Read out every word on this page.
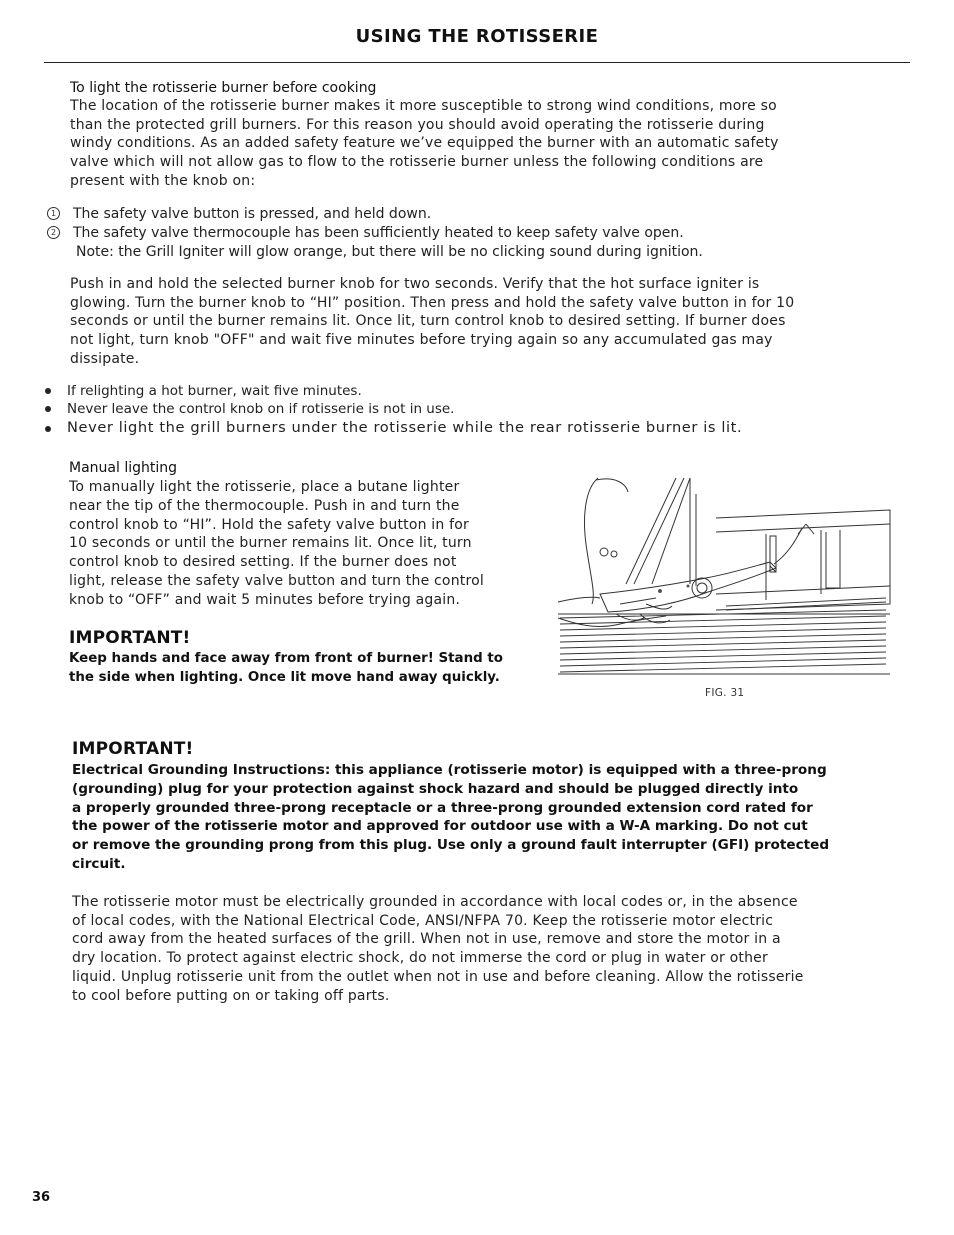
USING THE ROTISSERIE
To light the rotisserie burner before cooking
The location of the rotisserie burner makes it more susceptible to strong wind conditions, more so
than the protected grill burners. For this reason you should avoid operating the rotisserie during
windy conditions. As an added safety feature we’ve equipped the burner with an automatic safety
valve which will not allow gas to flow to the rotisserie burner unless the following conditions are
present with the knob on:
1 The safety valve button is pressed, and held down.
2 The safety valve thermocouple has been sufficiently heated to keep safety valve open.
Note: the Grill Igniter will glow orange, but there will be no clicking sound during ignition.
Push in and hold the selected burner knob for two seconds. Verify that the hot surface igniter is
glowing. Turn the burner knob to “HI” position. Then press and hold the safety valve button in for 10
seconds or until the burner remains lit. Once lit, turn control knob to desired setting. If burner does
not light, turn knob "OFF" and wait five minutes before trying again so any accumulated gas may
dissipate.
If relighting a hot burner, wait five minutes.
Never leave the control knob on if rotisserie is not in use.
Never light the grill burners under the rotisserie while the rear rotisserie burner is lit.
Manual lighting
To manually light the rotisserie, place a butane lighter
near the tip of the thermocouple. Push in and turn the
control knob to “HI”. Hold the safety valve button in for
10 seconds or until the burner remains lit. Once lit, turn
control knob to desired setting. If the burner does not
light, release the safety valve button and turn the control
knob to “OFF” and wait 5 minutes before trying again.
IMPORTANT!
Keep hands and face away from front of burner! Stand to
the side when lighting. Once lit move hand away quickly.
FIG. 31
IMPORTANT!
Electrical Grounding Instructions: this appliance (rotisserie motor) is equipped with a three-prong
(grounding) plug for your protection against shock hazard and should be plugged directly into
a properly grounded three-prong receptacle or a three-prong grounded extension cord rated for
the power of the rotisserie motor and approved for outdoor use with a W-A marking. Do not cut
or remove the grounding prong from this plug. Use only a ground fault interrupter (GFI) protected
circuit.
The rotisserie motor must be electrically grounded in accordance with local codes or, in the absence
of local codes, with the National Electrical Code, ANSI/NFPA 70. Keep the rotisserie motor electric
cord away from the heated surfaces of the grill. When not in use, remove and store the motor in a
dry location. To protect against electric shock, do not immerse the cord or plug in water or other
liquid. Unplug rotisserie unit from the outlet when not in use and before cleaning. Allow the rotisserie
to cool before putting on or taking off parts.
36
